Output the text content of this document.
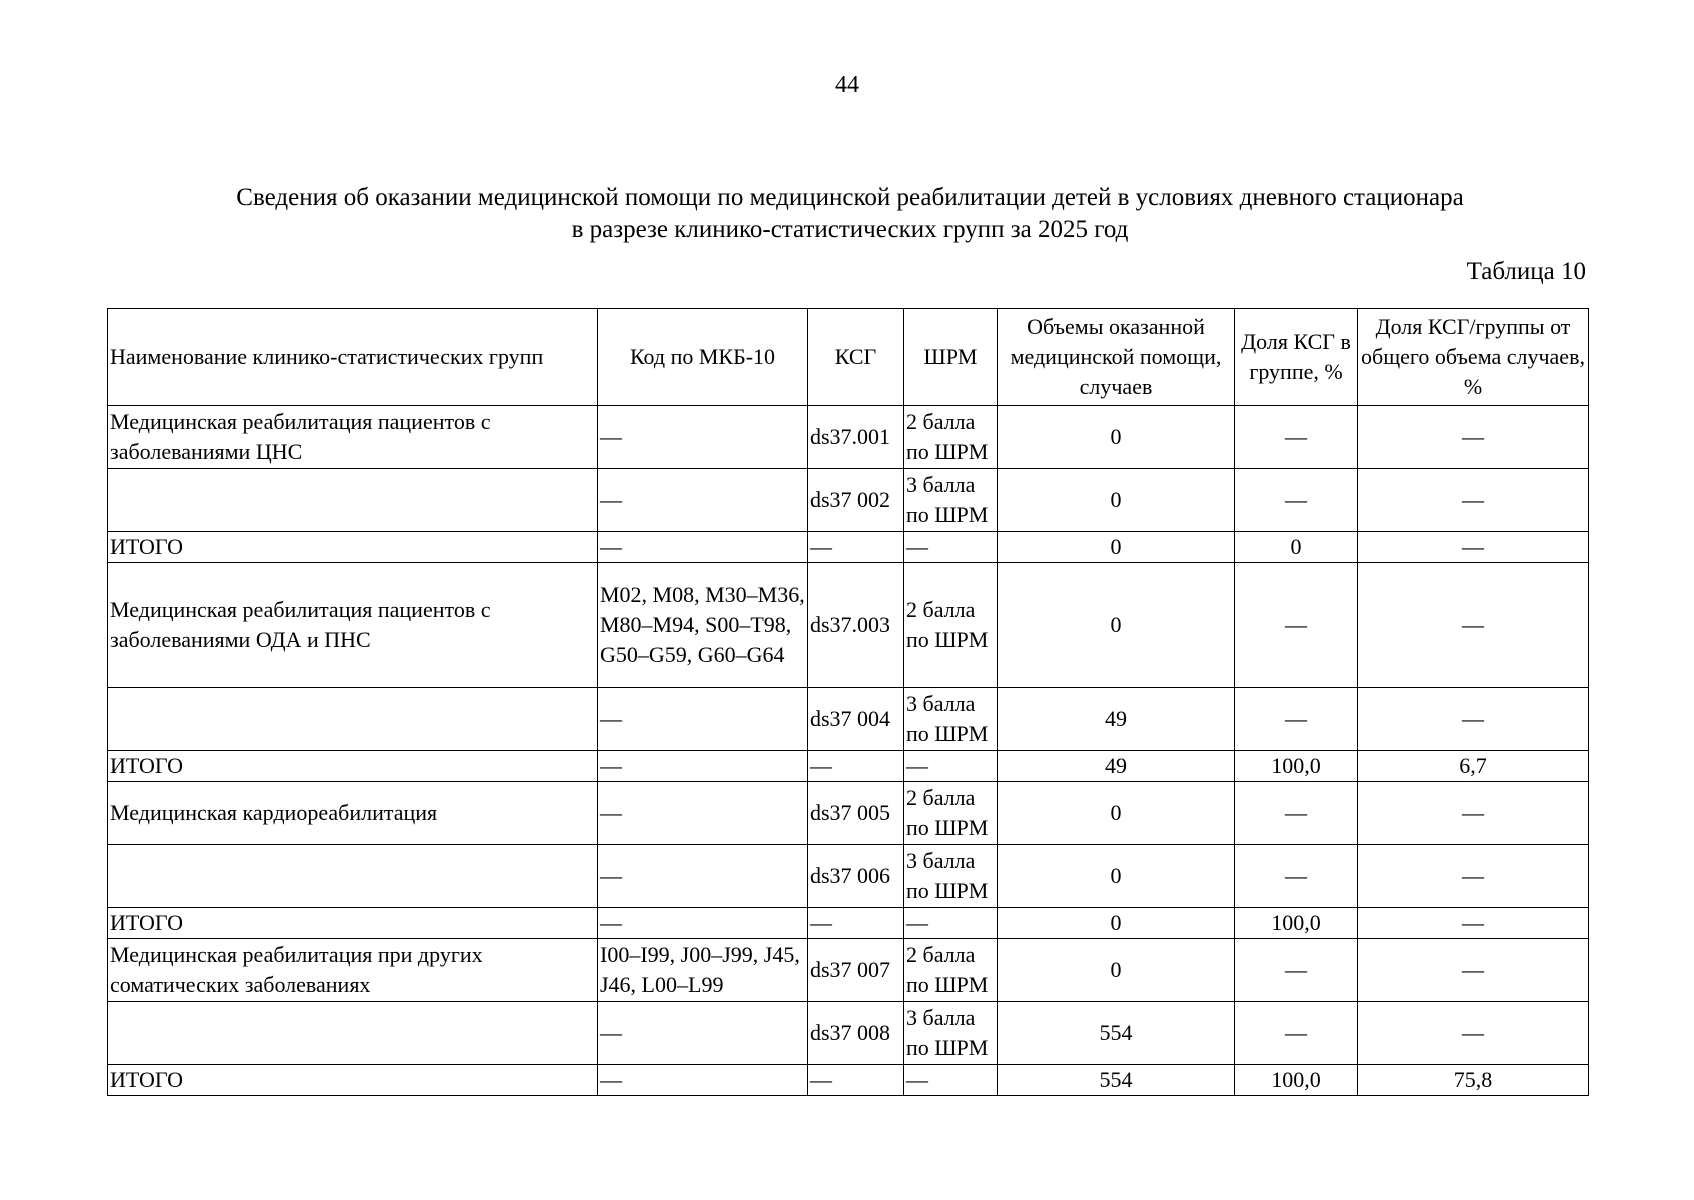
44
Сведения об оказании медицинской помощи по медицинской реабилитации детей в условиях дневного стационара
в разрезе клинико-статистических групп за 2025 год
Таблица 10
Наименование клинико-статистических групп	Код по МКБ-10	КСГ	ШРМ	Объемы оказанной медицинской помощи, случаев	Доля КСГ в группе, %	Доля КСГ/группы от общего объема случаев, %
Медицинская реабилитация пациентов с заболеваниями ЦНС	—	ds37.001	2 балла по ШРМ	0	—	—
	—	ds37 002	3 балла по ШРМ	0	—	—
ИТОГО	—	—	—	0	0	—
Медицинская реабилитация пациентов с заболеваниями ОДА и ПНС	M02, M08, M30–M36, M80–M94, S00–T98, G50–G59, G60–G64	ds37.003	2 балла по ШРМ	0	—	—
	—	ds37 004	3 балла по ШРМ	49	—	—
ИТОГО	—	—	—	49	100,0	6,7
Медицинская кардиореабилитация	—	ds37 005	2 балла по ШРМ	0	—	—
	—	ds37 006	3 балла по ШРМ	0	—	—
ИТОГО	—	—	—	0	100,0	—
Медицинская реабилитация при других соматических заболеваниях	I00–I99, J00–J99, J45, J46, L00–L99	ds37 007	2 балла по ШРМ	0	—	—
	—	ds37 008	3 балла по ШРМ	554	—	—
ИТОГО	—	—	—	554	100,0	75,8
